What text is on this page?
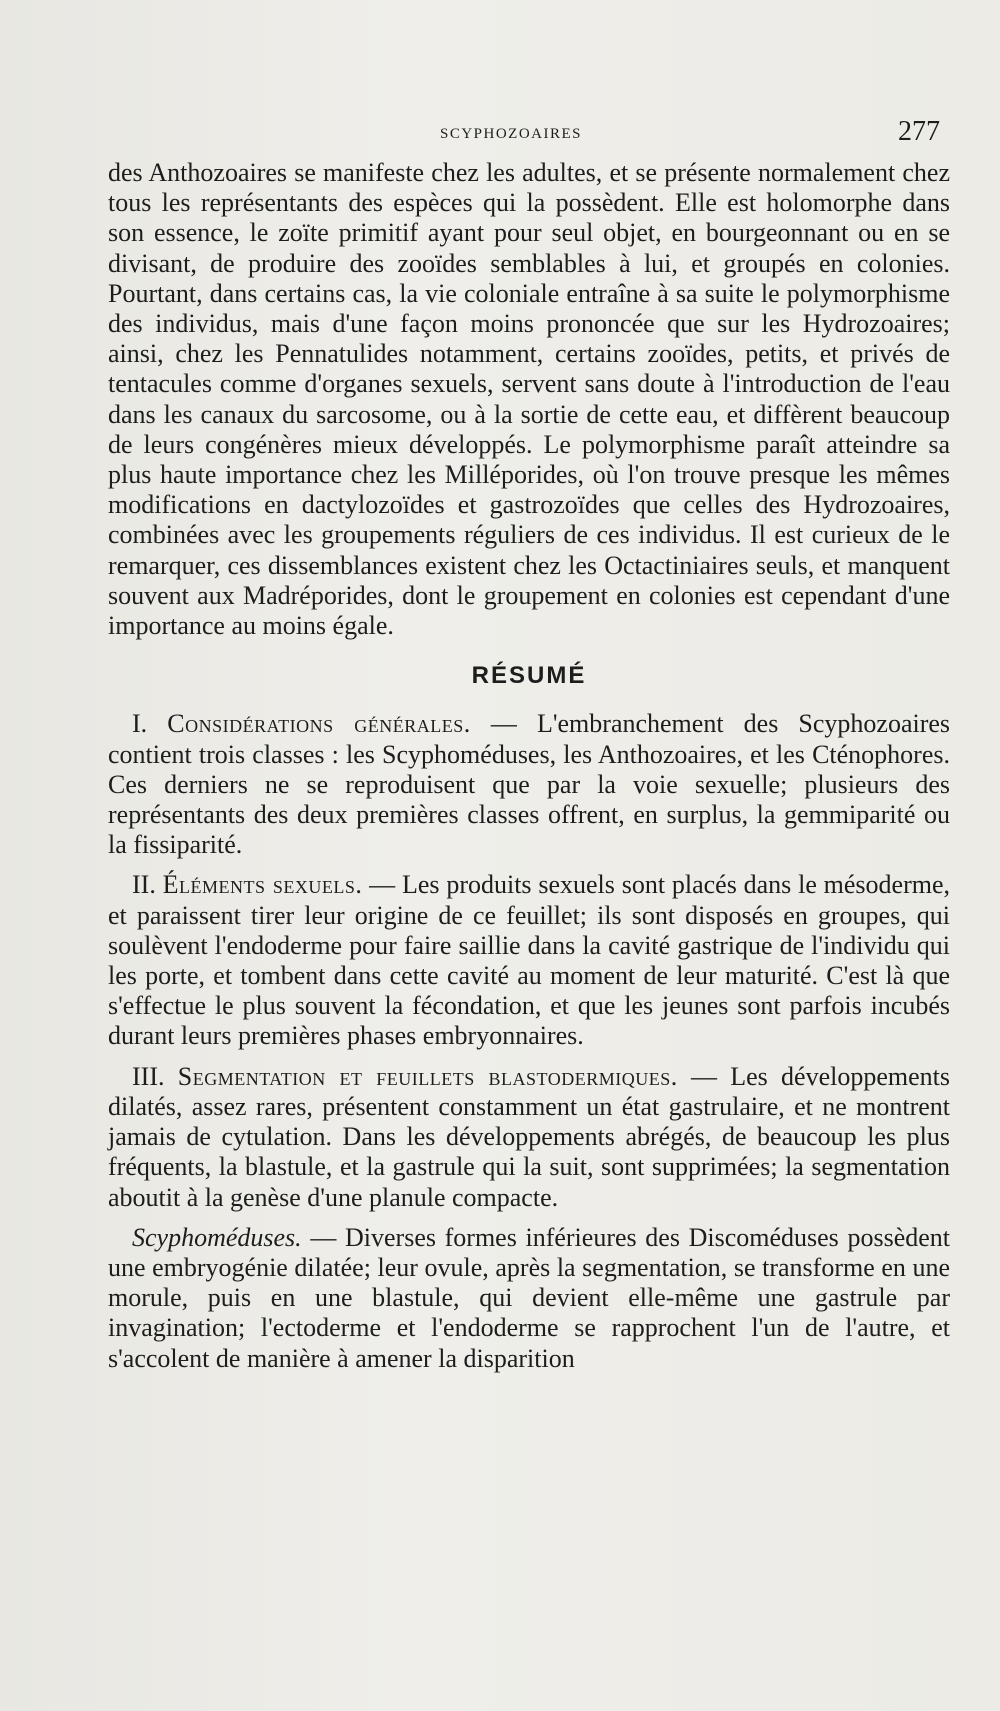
SCYPHOZOAIRES	277

des Anthozoaires se manifeste chez les adultes, et se présente normalement chez tous les représentants des espèces qui la possèdent. Elle est holomorphe dans son essence, le zoïte primitif ayant pour seul objet, en bourgeonnant ou en se divisant, de produire des zooïdes semblables à lui, et groupés en colonies. Pourtant, dans certains cas, la vie coloniale entraîne à sa suite le polymorphisme des individus, mais d'une façon moins prononcée que sur les Hydrozoaires; ainsi, chez les Pennatulides notamment, certains zooïdes, petits, et privés de tentacules comme d'organes sexuels, servent sans doute à l'introduction de l'eau dans les canaux du sarcosome, ou à la sortie de cette eau, et diffèrent beaucoup de leurs congénères mieux développés. Le polymorphisme paraît atteindre sa plus haute importance chez les Milléporides, où l'on trouve presque les mêmes modifications en dactylozoïdes et gastrozoïdes que celles des Hydrozoaires, combinées avec les groupements réguliers de ces individus. Il est curieux de le remarquer, ces dissemblances existent chez les Octactiniaires seuls, et manquent souvent aux Madréporides, dont le groupement en colonies est cependant d'une importance au moins égale.

RÉSUMÉ

I. Considérations générales. — L'embranchement des Scyphozoaires contient trois classes : les Scyphoméduses, les Anthozoaires, et les Cténophores. Ces derniers ne se reproduisent que par la voie sexuelle; plusieurs des représentants des deux premières classes offrent, en surplus, la gemmiparité ou la fissiparité.

II. Éléments sexuels. — Les produits sexuels sont placés dans le mésoderme, et paraissent tirer leur origine de ce feuillet; ils sont disposés en groupes, qui soulèvent l'endoderme pour faire saillie dans la cavité gastrique de l'individu qui les porte, et tombent dans cette cavité au moment de leur maturité. C'est là que s'effectue le plus souvent la fécondation, et que les jeunes sont parfois incubés durant leurs premières phases embryonnaires.

III. Segmentation et feuillets blastodermiques. — Les développements dilatés, assez rares, présentent constamment un état gastrulaire, et ne montrent jamais de cytulation. Dans les développements abrégés, de beaucoup les plus fréquents, la blastule, et la gastrule qui la suit, sont supprimées; la segmentation aboutit à la genèse d'une planule compacte.

Scyphoméduses. — Diverses formes inférieures des Discoméduses possèdent une embryogénie dilatée; leur ovule, après la segmentation, se transforme en une morule, puis en une blastule, qui devient elle-même une gastrule par invagination; l'ectoderme et l'endoderme se rapprochent l'un de l'autre, et s'accolent de manière à amener la disparition
